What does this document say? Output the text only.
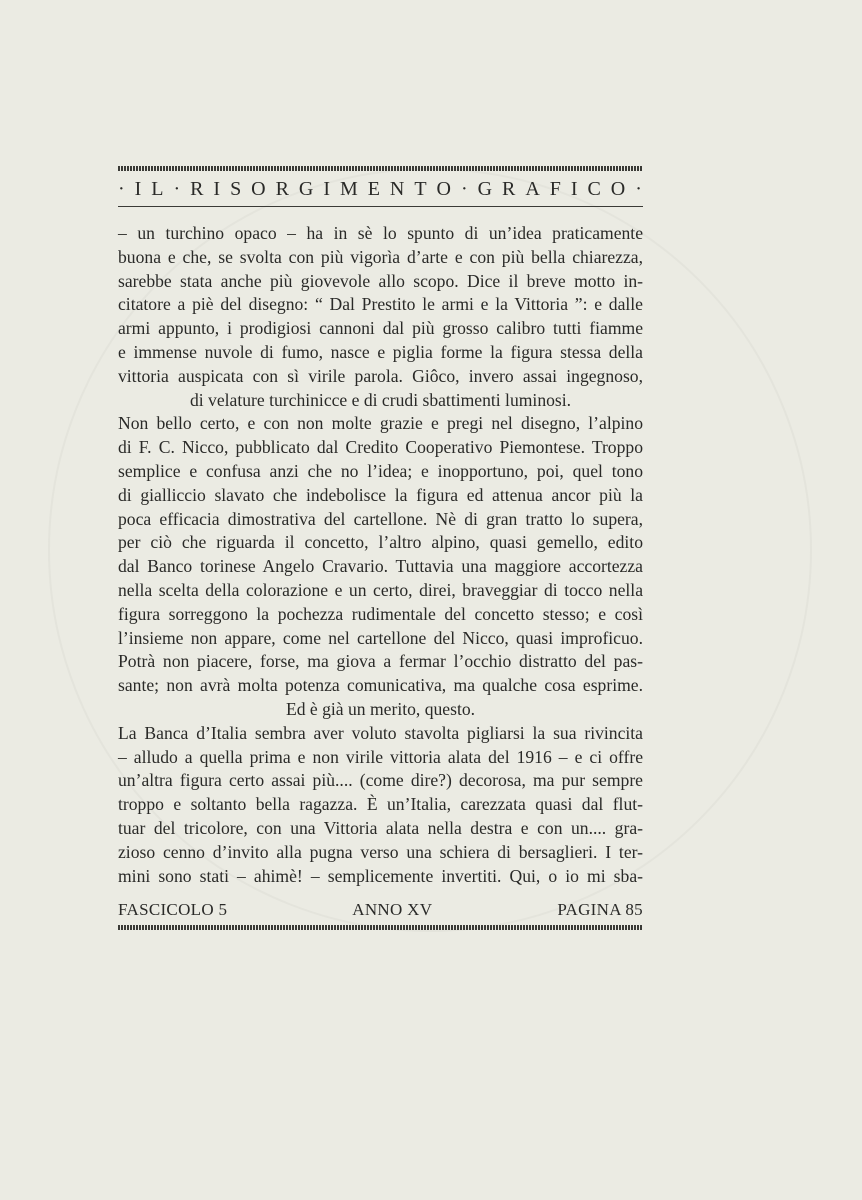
· I L · R I S O R G I M E N T O · G R A F I C O ·
– un turchino opaco – ha in sè lo spunto di un’idea praticamente
buona e che, se svolta con più vigorìa d’arte e con più bella chiarezza,
sarebbe stata anche più giovevole allo scopo. Dice il breve motto in-
citatore a piè del disegno: “ Dal Prestito le armi e la Vittoria ”: e dalle
armi appunto, i prodigiosi cannoni dal più grosso calibro tutti fiamme
e immense nuvole di fumo, nasce e piglia forme la figura stessa della
vittoria auspicata con sì virile parola. Giôco, invero assai ingegnoso,
di velature turchinicce e di crudi sbattimenti luminosi.
Non bello certo, e con non molte grazie e pregi nel disegno, l’alpino
di F. C. Nicco, pubblicato dal Credito Cooperativo Piemontese. Troppo
semplice e confusa anzi che no l’idea; e inopportuno, poi, quel tono
di gialliccio slavato che indebolisce la figura ed attenua ancor più la
poca efficacia dimostrativa del cartellone. Nè di gran tratto lo supera,
per ciò che riguarda il concetto, l’altro alpino, quasi gemello, edito
dal Banco torinese Angelo Cravario. Tuttavia una maggiore accortezza
nella scelta della colorazione e un certo, direi, braveggiar di tocco nella
figura sorreggono la pochezza rudimentale del concetto stesso; e così
l’insieme non appare, come nel cartellone del Nicco, quasi improficuo.
Potrà non piacere, forse, ma giova a fermar l’occhio distratto del pas-
sante; non avrà molta potenza comunicativa, ma qualche cosa esprime.
Ed è già un merito, questo.
La Banca d’Italia sembra aver voluto stavolta pigliarsi la sua rivincita
– alludo a quella prima e non virile vittoria alata del 1916 – e ci offre
un’altra figura certo assai più.... (come dire?) decorosa, ma pur sempre
troppo e soltanto bella ragazza. È un’Italia, carezzata quasi dal flut-
tuar del tricolore, con una Vittoria alata nella destra e con un.... gra-
zioso cenno d’invito alla pugna verso una schiera di bersaglieri. I ter-
mini sono stati – ahimè! – semplicemente invertiti. Qui, o io mi sba-
FASCICOLO 5	ANNO XV	PAGINA 85
